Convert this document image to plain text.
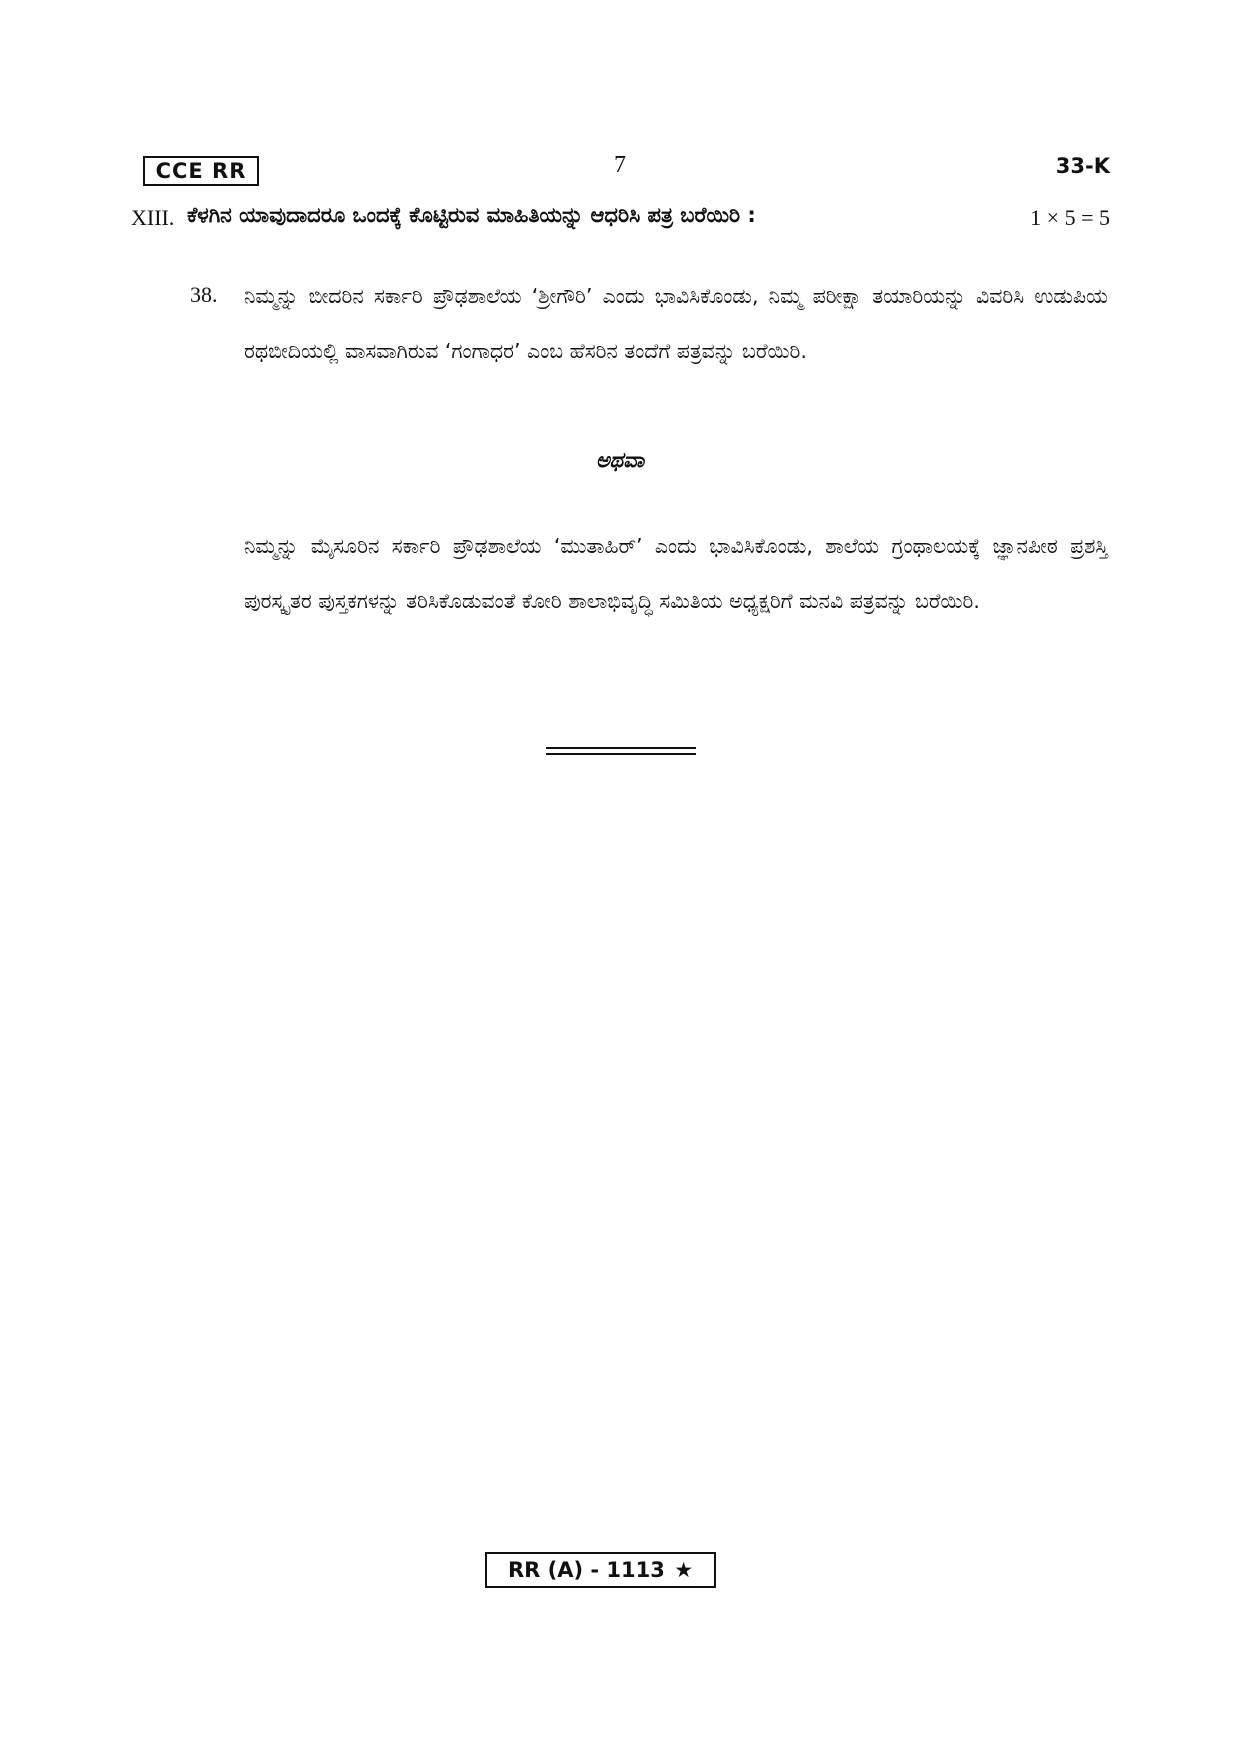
CCE RR	7	33-K
XIII. ಕೆಳಗಿನ ಯಾವುದಾದರೂ ಒಂದಕ್ಕೆ ಕೊಟ್ಟಿರುವ ಮಾಹಿತಿಯನ್ನು ಆಧರಿಸಿ ಪತ್ರ ಬರೆಯಿರಿ :	1 × 5 = 5
38. ನಿಮ್ಮನ್ನು ಬೀದರಿನ ಸರ್ಕಾರಿ ಪ್ರೌಢಶಾಲೆಯ ‘ಶ್ರೀಗೌರಿ’ ಎಂದು ಭಾವಿಸಿಕೊಂಡು, ನಿಮ್ಮ ಪರೀಕ್ಷಾ ತಯಾರಿಯನ್ನು ವಿವರಿಸಿ ಉಡುಪಿಯ ರಥಬೀದಿಯಲ್ಲಿ ವಾಸವಾಗಿರುವ ‘ಗಂಗಾಧರ’ ಎಂಬ ಹೆಸರಿನ ತಂದೆಗೆ ಪತ್ರವನ್ನು ಬರೆಯಿರಿ.
ಅಥವಾ
ನಿಮ್ಮನ್ನು ಮೈಸೂರಿನ ಸರ್ಕಾರಿ ಪ್ರೌಢಶಾಲೆಯ ‘ಮುತಾಹಿರ್’ ಎಂದು ಭಾವಿಸಿಕೊಂಡು, ಶಾಲೆಯ ಗ್ರಂಥಾಲಯಕ್ಕೆ ಜ್ಞಾನಪೀಠ ಪ್ರಶಸ್ತಿ ಪುರಸ್ಕೃತರ ಪುಸ್ತಕಗಳನ್ನು ತರಿಸಿಕೊಡುವಂತೆ ಕೋರಿ ಶಾಲಾಭಿವೃದ್ಧಿ ಸಮಿತಿಯ ಅಧ್ಯಕ್ಷರಿಗೆ ಮನವಿ ಪತ್ರವನ್ನು ಬರೆಯಿರಿ.
RR (A) - 1113 ★
